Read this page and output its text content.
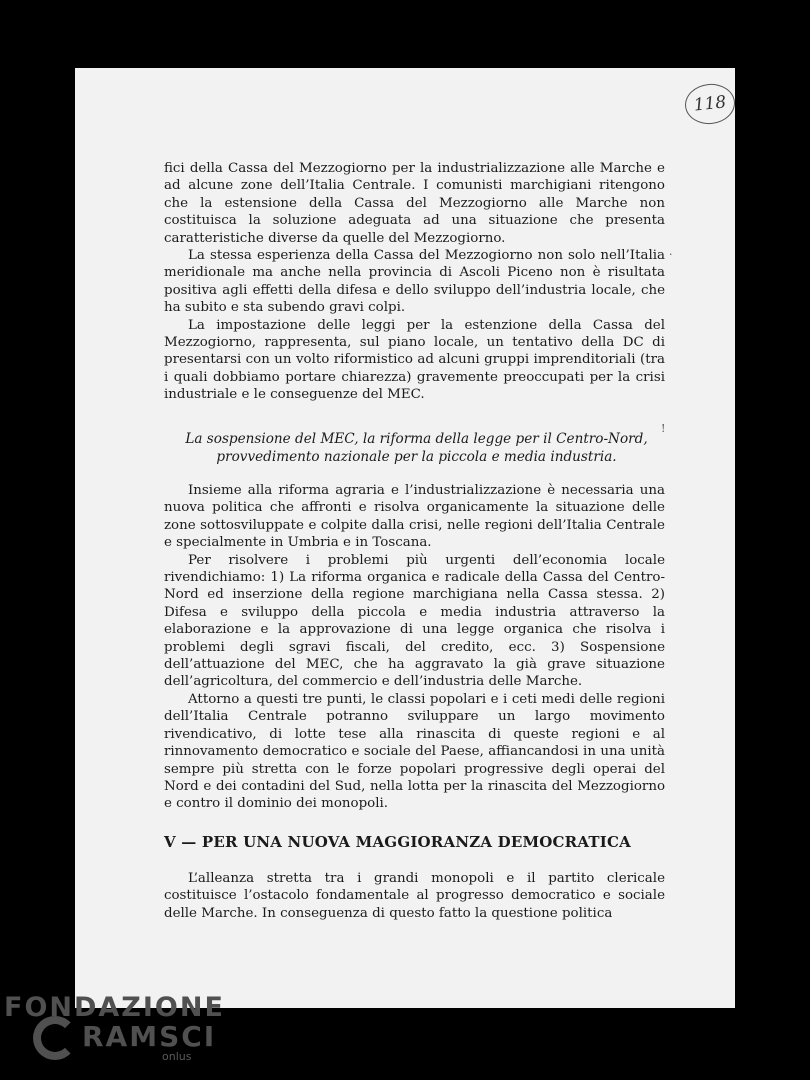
118

fici della Cassa del Mezzogiorno per la industrializzazione alle Marche e ad alcune zone dell’Italia Centrale. I comunisti marchigiani ritengono che la estensione della Cassa del Mezzogiorno alle Marche non costituisca la soluzione adeguata ad una situazione che presenta caratteristiche diverse da quelle del Mezzogiorno.

La stessa esperienza della Cassa del Mezzogiorno non solo nell’Italia meridionale ma anche nella provincia di Ascoli Piceno non è risultata positiva agli effetti della difesa e dello sviluppo dell’industria locale, che ha subito e sta subendo gravi colpi.

La impostazione delle leggi per la estenzione della Cassa del Mezzogiorno, rappresenta, sul piano locale, un tentativo della DC di presentarsi con un volto riformistico ad alcuni gruppi imprenditoriali (tra i quali dobbiamo portare chiarezza) gravemente preoccupati per la crisi industriale e le conseguenze del MEC.

!
·
La sospensione del MEC, la riforma della legge per il Centro-Nord,
provvedimento nazionale per la piccola e media industria.

Insieme alla riforma agraria e l’industrializzazione è necessaria una nuova politica che affronti e risolva organicamente la situazione delle zone sottosviluppate e colpite dalla crisi, nelle regioni dell’Italia Centrale e specialmente in Umbria e in Toscana.

Per risolvere i problemi più urgenti dell’economia locale rivendichiamo: 1) La riforma organica e radicale della Cassa del Centro-Nord ed inserzione della regione marchigiana nella Cassa stessa. 2) Difesa e sviluppo della piccola e media industria attraverso la elaborazione e la approvazione di una legge organica che risolva i problemi degli sgravi fiscali, del credito, ecc. 3) Sospensione dell’attuazione del MEC, che ha aggravato la già grave situazione dell’agricoltura, del commercio e dell’industria delle Marche.

Attorno a questi tre punti, le classi popolari e i ceti medi delle regioni dell’Italia Centrale potranno sviluppare un largo movimento rivendicativo, di lotte tese alla rinascita di queste regioni e al rinnovamento democratico e sociale del Paese, affiancandosi in una unità sempre più stretta con le forze popolari progressive degli operai del Nord e dei contadini del Sud, nella lotta per la rinascita del Mezzogiorno e contro il dominio dei monopoli.

V — PER UNA NUOVA MAGGIORANZA DEMOCRATICA

L’alleanza stretta tra i grandi monopoli e il partito clericale costituisce l’ostacolo fondamentale al progresso democratico e sociale delle Marche. In conseguenza di questo fatto la questione politica

FONDAZIONE
RAMSCI
onlus
